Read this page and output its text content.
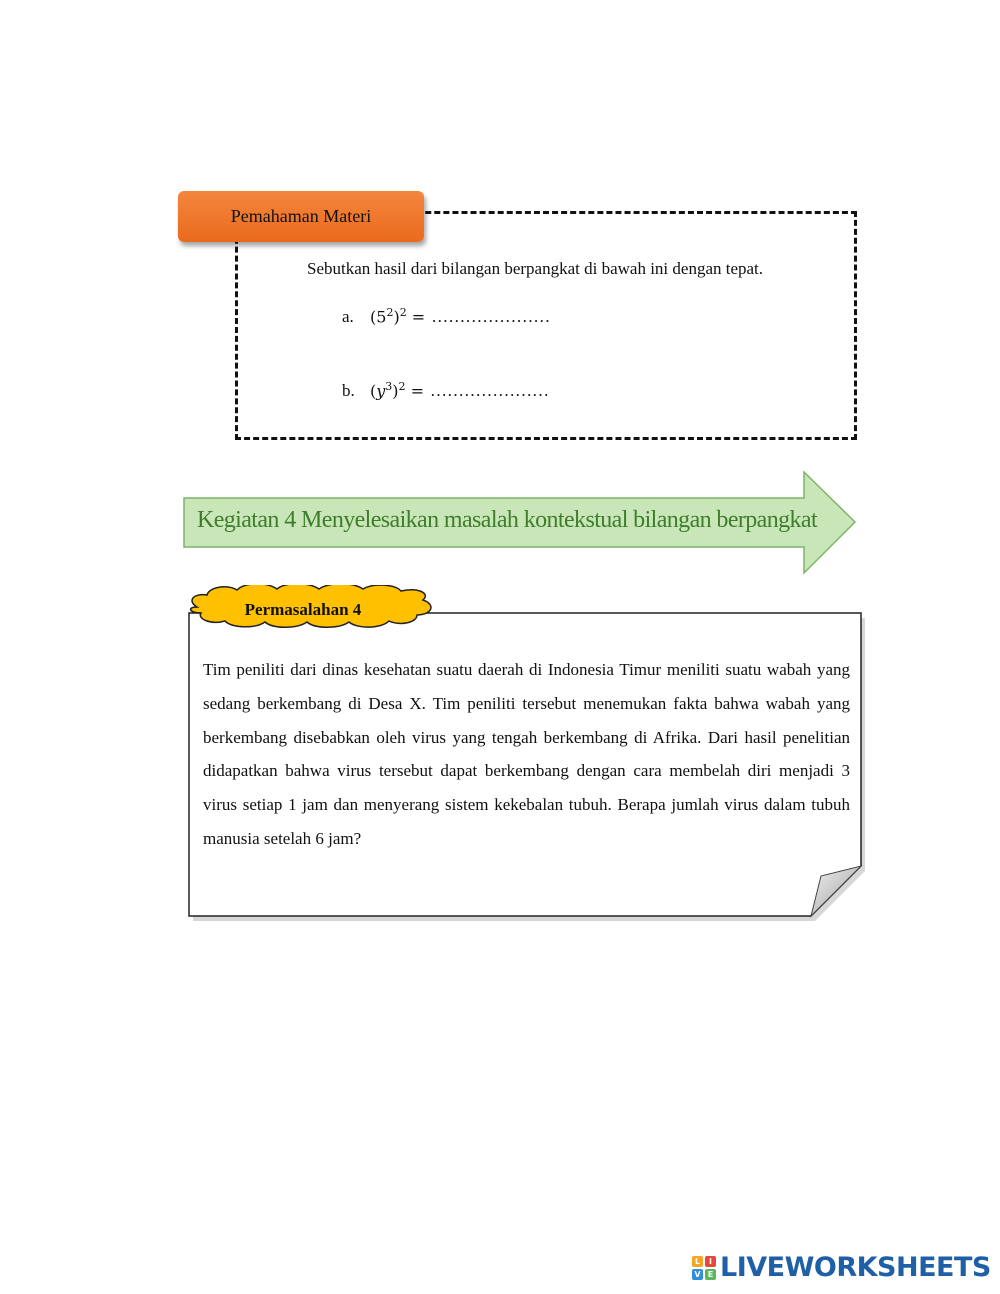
Pemahaman Materi
Sebutkan hasil dari bilangan berpangkat di bawah ini dengan tepat.
a.	$(5^2)^2$ = …………………
b. $(y^3)^2$ = …………………
Kegiatan 4 Menyelesaikan masalah kontekstual bilangan berpangkat
Permasalahan 4
Tim peniliti dari dinas kesehatan suatu daerah di Indonesia Timur meniliti suatu wabah yang sedang berkembang di Desa X. Tim peniliti tersebut menemukan fakta bahwa wabah yang berkembang disebabkan oleh virus yang tengah berkembang di Afrika. Dari hasil penelitian didapatkan bahwa virus tersebut dapat berkembang dengan cara membelah diri menjadi 3 virus setiap 1 jam dan menyerang sistem kekebalan tubuh. Berapa jumlah virus dalam tubuh manusia setelah 6 jam?
L	I
V E LIVEWORKSHEETS
